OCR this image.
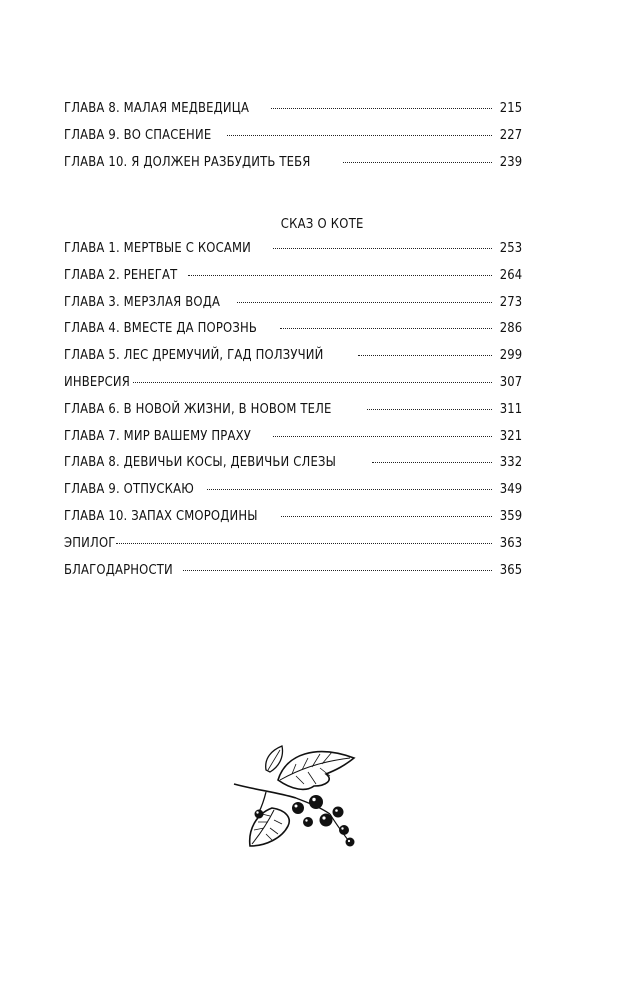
ГЛАВА 8. МАЛАЯ МЕДВЕДИЦА	215
ГЛАВА 9. ВО СПАСЕНИЕ	227
ГЛАВА 10. Я ДОЛЖЕН РАЗБУДИТЬ ТЕБЯ	239
СКАЗ О КОТЕ
ГЛАВА 1. МЕРТВЫЕ С КОСАМИ	253
ГЛАВА 2. РЕНЕГАТ	264
ГЛАВА 3. МЕРЗЛАЯ ВОДА	273
ГЛАВА 4. ВМЕСТЕ ДА ПОРОЗНЬ	286
ГЛАВА 5. ЛЕС ДРЕМУЧИЙ, ГАД ПОЛЗУЧИЙ	299
ИНВЕРСИЯ	307
ГЛАВА 6. В НОВОЙ ЖИЗНИ, В НОВОМ ТЕЛЕ	311
ГЛАВА 7. МИР ВАШЕМУ ПРАХУ	321
ГЛАВА 8. ДЕВИЧЬИ КОСЫ, ДЕВИЧЬИ СЛЕЗЫ	332
ГЛАВА 9. ОТПУСКАЮ	349
ГЛАВА 10. ЗАПАХ СМОРОДИНЫ	359
ЭПИЛОГ	363
БЛАГОДАРНОСТИ	365
